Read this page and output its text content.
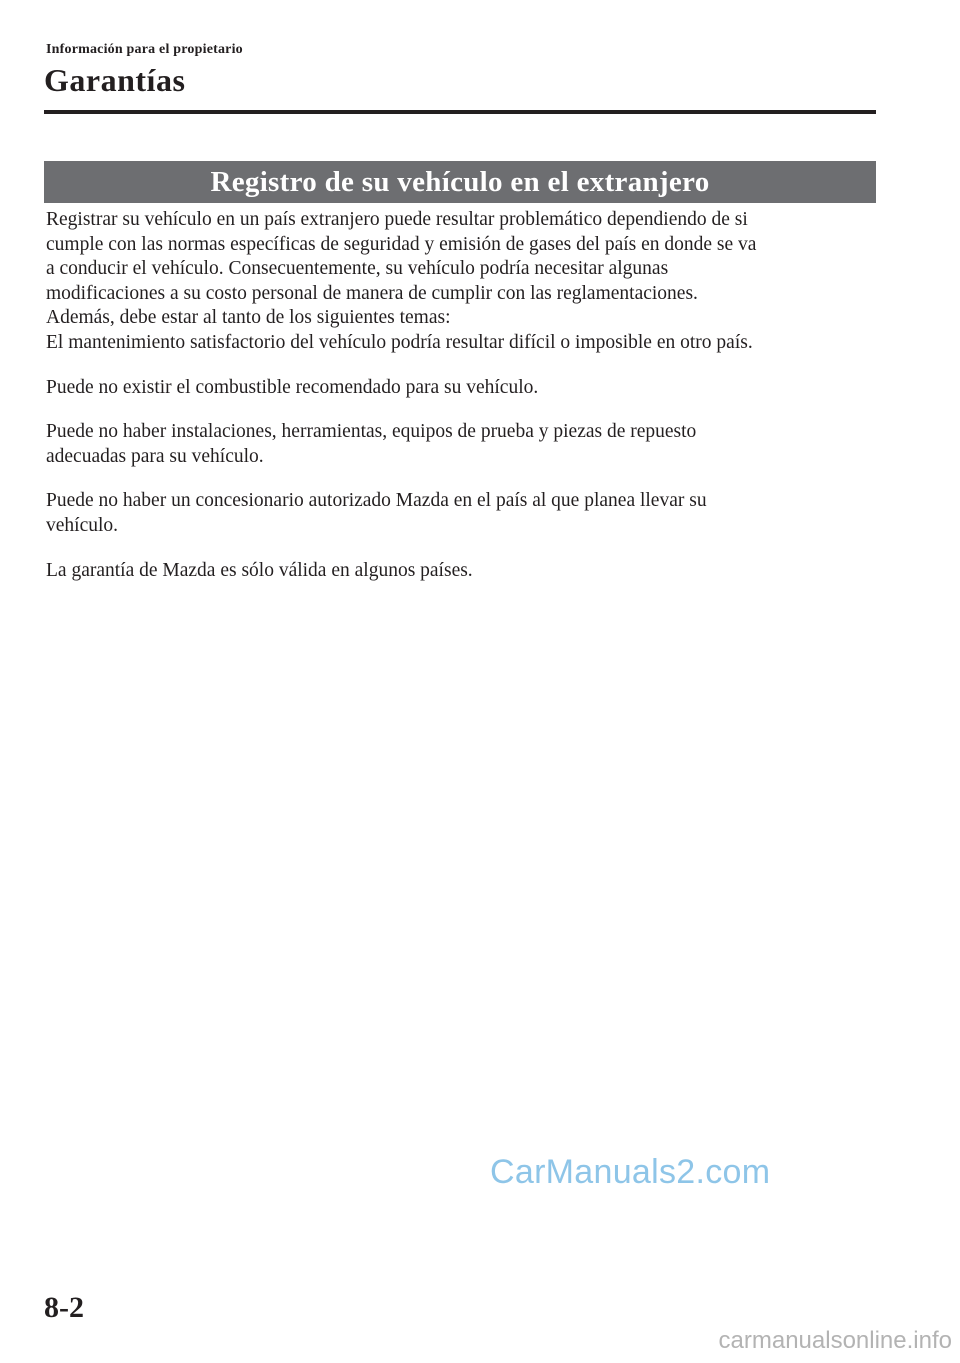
Información para el propietario
Garantías
Registro de su vehículo en el extranjero

Registrar su vehículo en un país extranjero puede resultar problemático dependiendo de si

cumple con las normas específicas de seguridad y emisión de gases del país en donde se va

a conducir el vehículo. Consecuentemente, su vehículo podría necesitar algunas

modificaciones a su costo personal de manera de cumplir con las reglamentaciones.

Además, debe estar al tanto de los siguientes temas:

El mantenimiento satisfactorio del vehículo podría resultar difícil o imposible en otro país.

Puede no existir el combustible recomendado para su vehículo.

Puede no haber instalaciones, herramientas, equipos de prueba y piezas de repuesto

adecuadas para su vehículo.

Puede no haber un concesionario autorizado Mazda en el país al que planea llevar su

vehículo.

La garantía de Mazda es sólo válida en algunos países.

CarManuals2.com
8-2
carmanualsonline.info
